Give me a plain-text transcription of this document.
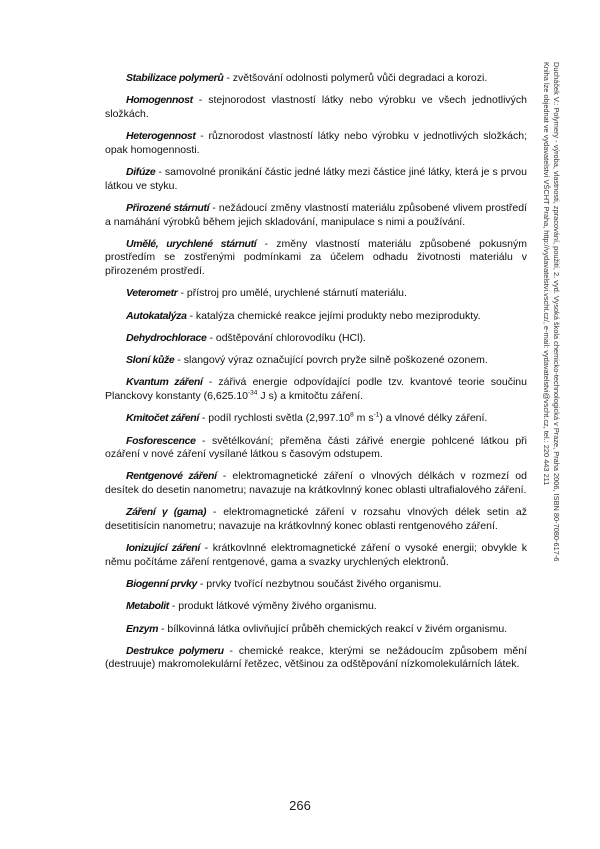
Ducháček V.: Polymery - výroba, vlastnosti, zpracování, použití, 2. vyd. Vysoká škola chemicko-technologická v Praze, Praha 2006, ISBN 80-7080-617-6
Kniha lze objednat ve vydavatelství VŠCHT Praha, http://vydavatelstvi.vscht.cz/, e-mail: vydavatelstvi@vscht.cz, tel.: 220 443 211

  Stabilizace polymerů - zvětšování odolnosti polymerů vůči degradaci a korozi.

  Homogennost - stejnorodost vlastností látky nebo výrobku ve všech jednotlivých složkách.

  Heterogennost - různorodost vlastností látky nebo výrobku v jednotlivých složkách; opak homogennosti.

  Difúze - samovolné pronikání částic jedné látky mezi částice jiné látky, která je s prvou látkou ve styku.

  Přirozené stárnutí - nežádoucí změny vlastností materiálu způsobené vlivem prostředí a namáhání výrobků během jejich skladování, manipulace s nimi a používání.

  Umělé, urychlené stárnutí - změny vlastností materiálu způsobené pokusným prostředím se zostřenými podmínkami za účelem odhadu životnosti materiálu v přirozeném prostředí.

  Veterometr - přístroj pro umělé, urychlené stárnutí materiálu.

  Autokatalýza - katalýza chemické reakce jejími produkty nebo meziprodukty.

  Dehydrochlorace - odštěpování chlorovodíku (HCl).

  Sloní kůže - slangový výraz označující povrch pryže silně poškozené ozonem.

  Kvantum záření - zářivá energie odpovídající podle tzv. kvantové teorie součinu Planckovy konstanty ($6,625.10^{-34}$ J s) a kmitočtu záření.

  Kmitočet záření - podíl rychlosti světla (2,997.10$^8$ m $s^{-1}$) a vlnové délky záření.

  Fosforescence - světélkování; přeměna části zářivé energie pohlcené látkou při ozáření v nové záření vysílané látkou s časovým odstupem.

  Rentgenové záření - elektromagnetické záření o vlnových délkách v rozmezí od desítek do desetin nanometru; navazuje na krátkovlnný konec oblasti ultrafialového záření.

  Záření γ (gama) - elektromagnetické záření v rozsahu vlnových délek setin až desetitisícin nanometru; navazuje na krátkovlnný konec oblasti rentgenového záření.

  Ionizující záření - krátkovlnné elektromagnetické záření o vysoké energii; obvykle k němu počítáme záření rentgenové, gama a svazky urychlených elektronů.

  Biogenní prvky - prvky tvořící nezbytnou součást živého organismu.

  Metabolit - produkt látkové výměny živého organismu.

  Enzym - bílkovinná látka ovlivňující průběh chemických reakcí v živém organismu.

  Destrukce polymeru - chemické reakce, kterými se nežádoucím způsobem mění (destruuje) makromolekulární řetězec, většinou za odštěpování nízkomolekulárních látek.

266
